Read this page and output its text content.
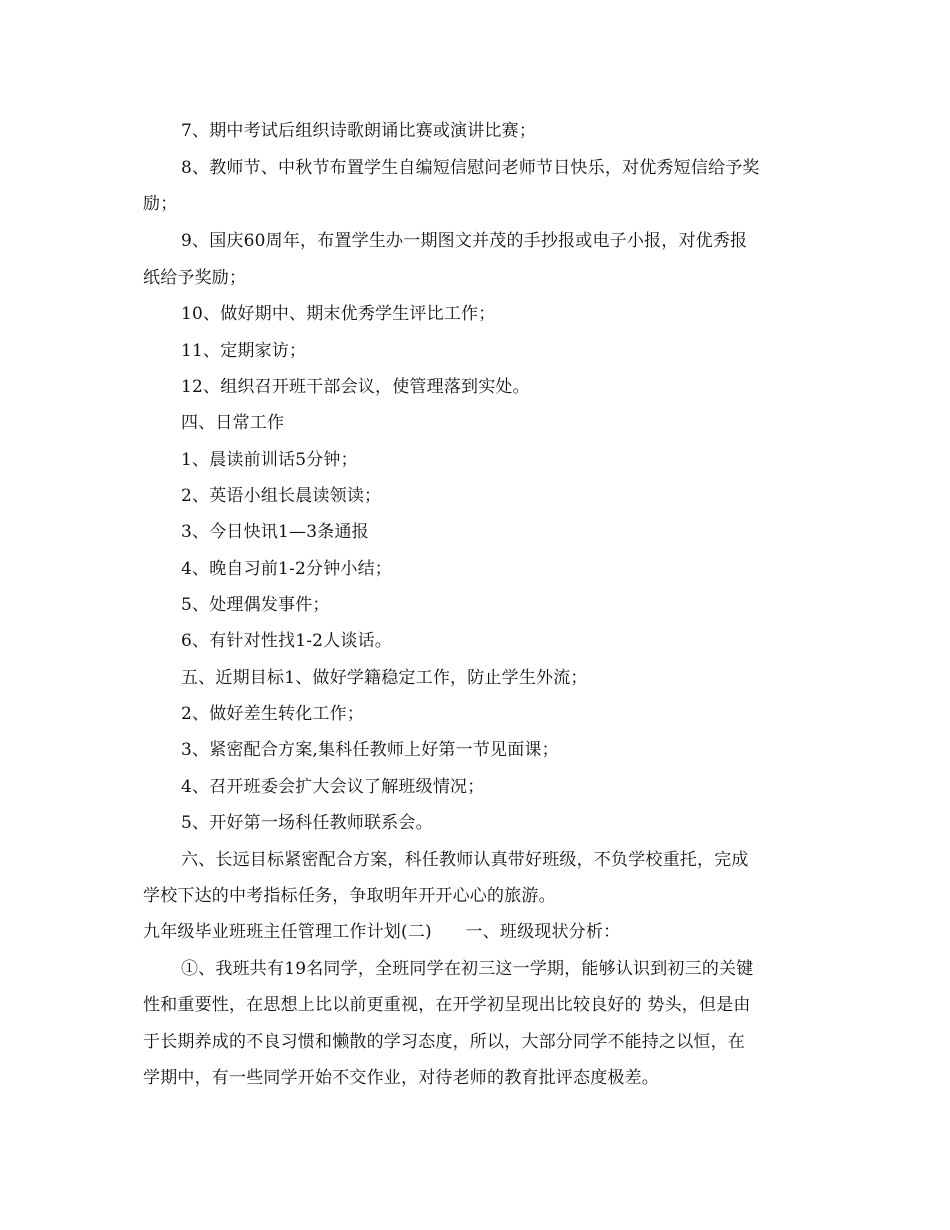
7、期中考试后组织诗歌朗诵比赛或演讲比赛；
8、教师节、中秋节布置学生自编短信慰问老师节日快乐，对优秀短信给予奖
励；
9、国庆60周年，布置学生办一期图文并茂的手抄报或电子小报，对优秀报
纸给予奖励；
10、做好期中、期末优秀学生评比工作；
11、定期家访；
12、组织召开班干部会议，使管理落到实处。
四、日常工作
1、晨读前训话5分钟；
2、英语小组长晨读领读；
3、今日快讯1—3条通报
4、晚自习前1-2分钟小结；
5、处理偶发事件；
6、有针对性找1-2人谈话。
五、近期目标1、做好学籍稳定工作，防止学生外流；
2、做好差生转化工作；
3、紧密配合方案,集科任教师上好第一节见面课；
4、召开班委会扩大会议了解班级情况；
5、开好第一场科任教师联系会。
六、长远目标紧密配合方案，科任教师认真带好班级，不负学校重托，完成
学校下达的中考指标任务，争取明年开开心心的旅游。
九年级毕业班班主任管理工作计划(二)      一、班级现状分析：
①、我班共有19名同学，全班同学在初三这一学期，能够认识到初三的关键
性和重要性，在思想上比以前更重视，在开学初呈现出比较良好的 势头，但是由
于长期养成的不良习惯和懒散的学习态度，所以，大部分同学不能持之以恒，在
学期中，有一些同学开始不交作业，对待老师的教育批评态度极差。
